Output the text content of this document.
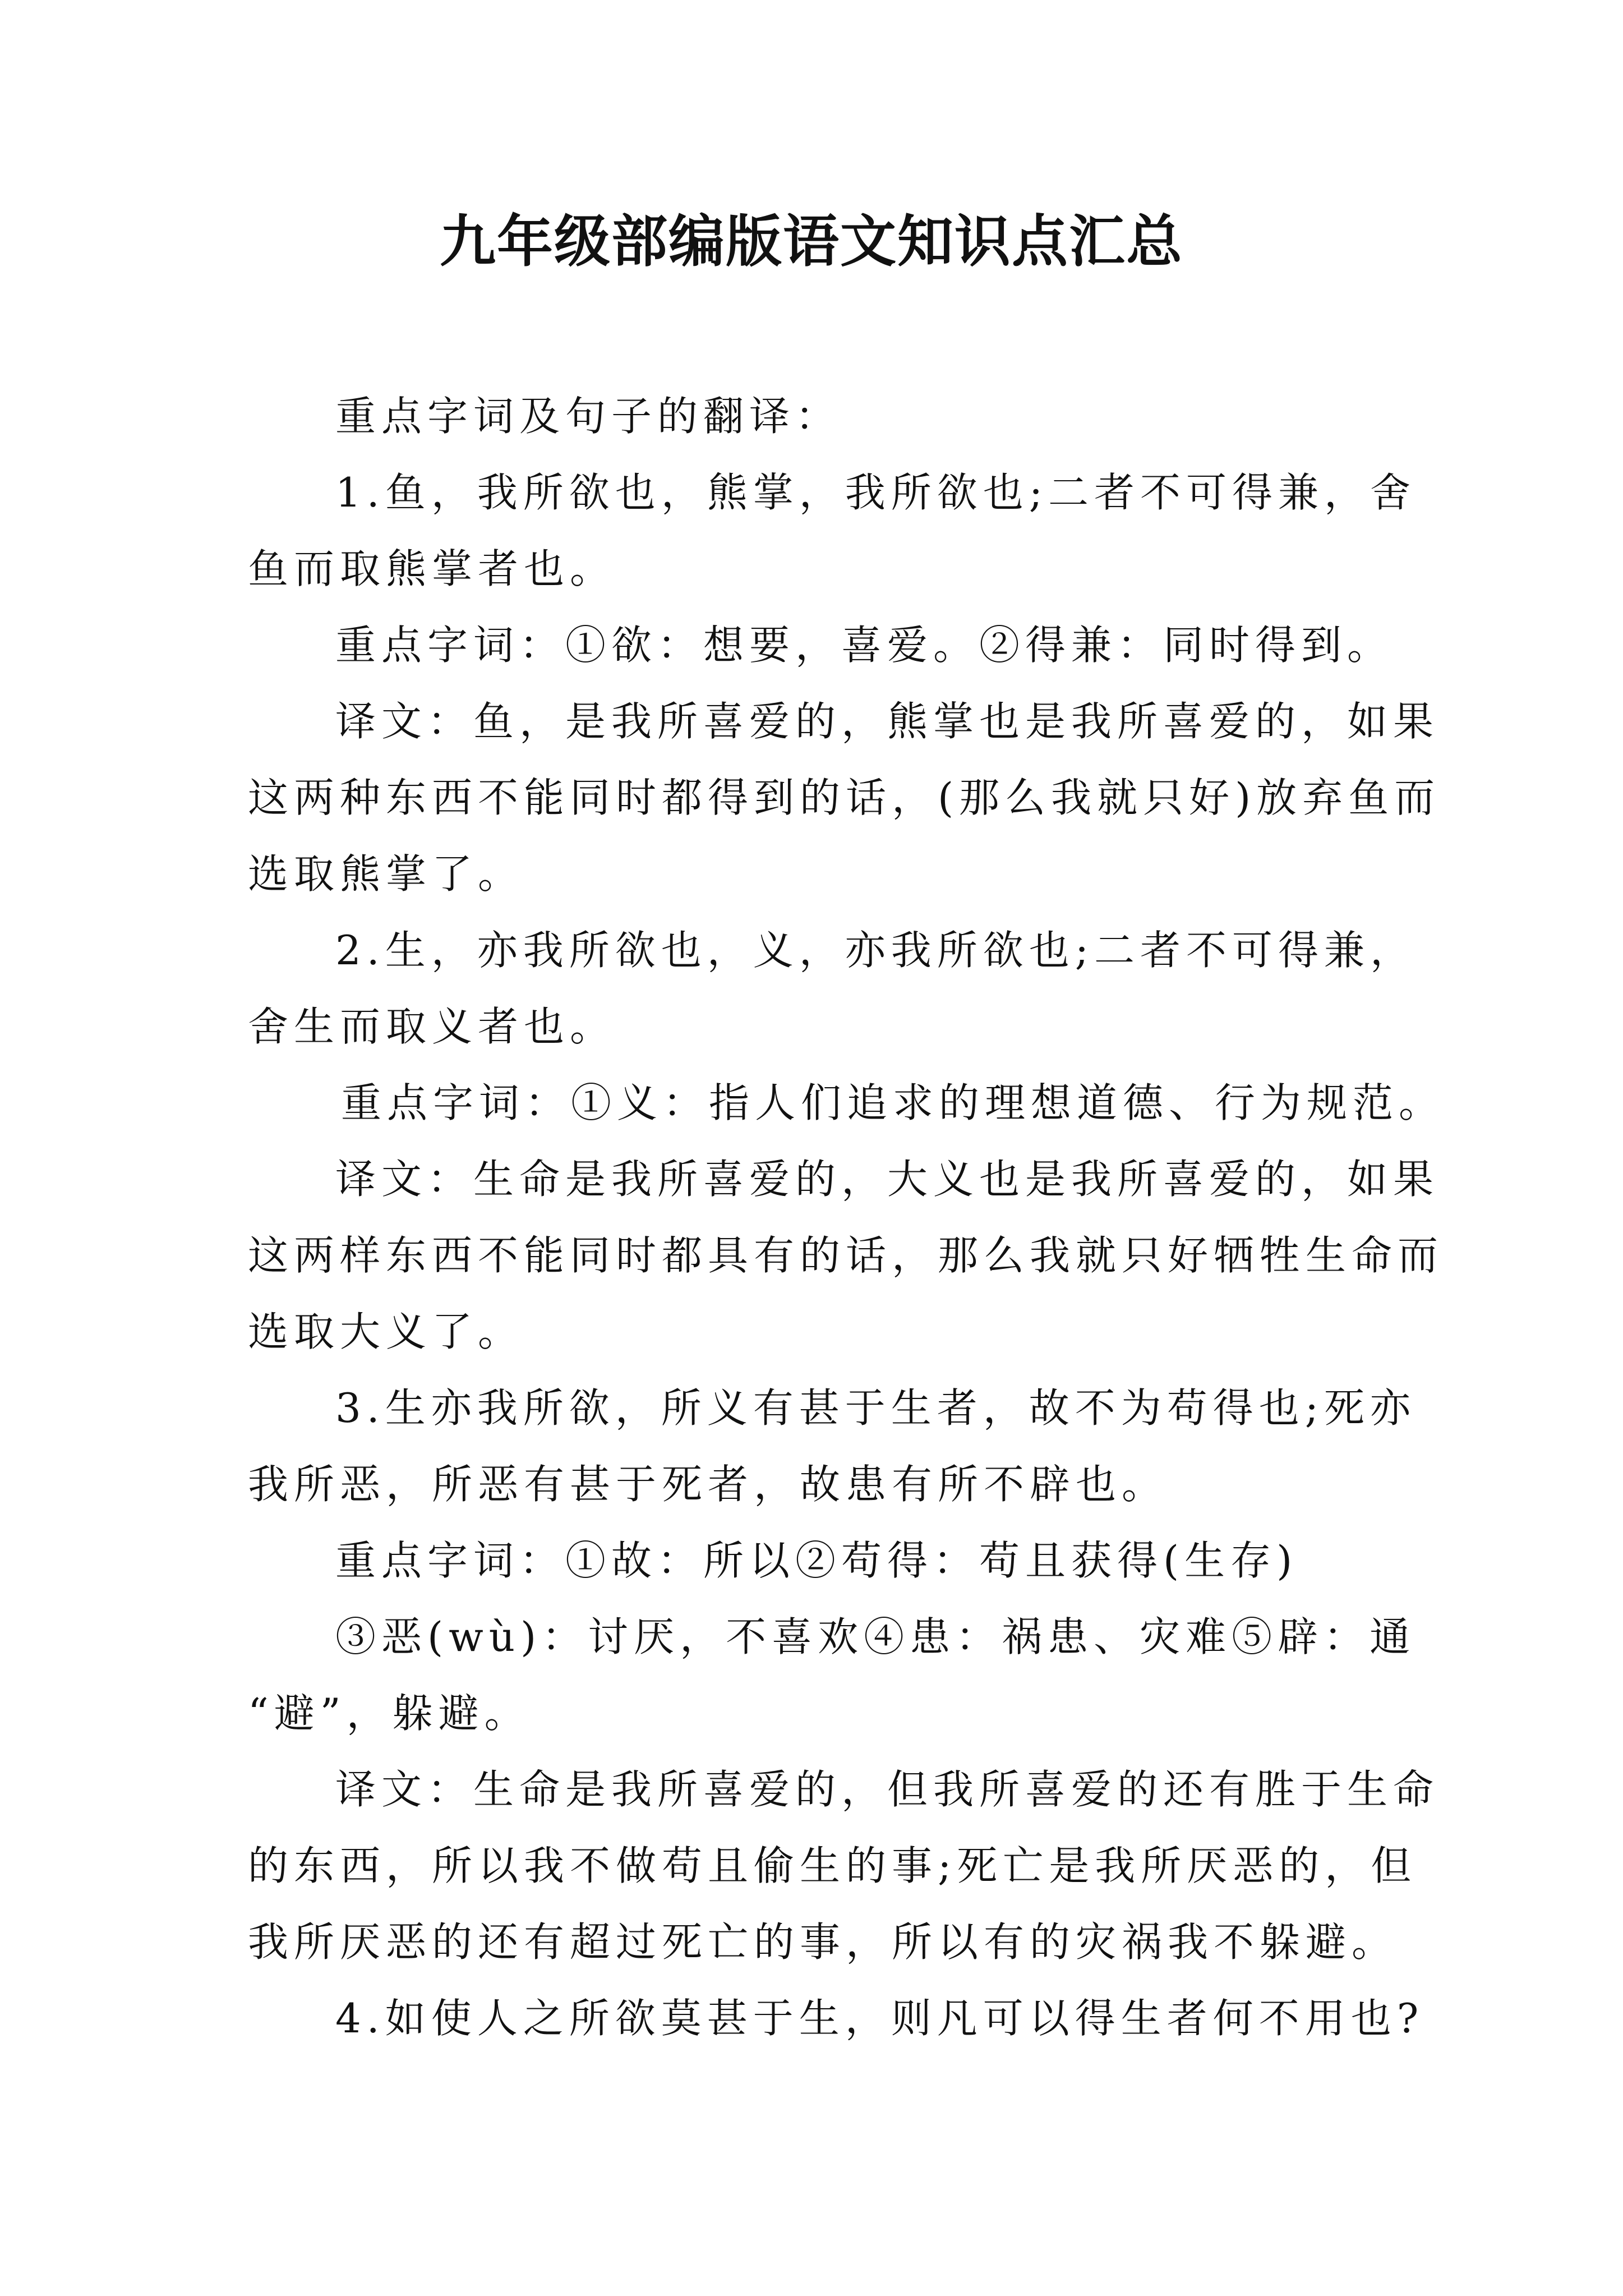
九年级部编版语文知识点汇总
重点字词及句子的翻译：
1.鱼，我所欲也，熊掌，我所欲也;二者不可得兼，舍
鱼而取熊掌者也。
重点字词：①欲：想要，喜爱。②得兼：同时得到。
译文：鱼，是我所喜爱的，熊掌也是我所喜爱的，如果
这两种东西不能同时都得到的话，(那么我就只好)放弃鱼而
选取熊掌了。
2.生，亦我所欲也，义，亦我所欲也;二者不可得兼，
舍生而取义者也。
重点字词：①义：指人们追求的理想道德、行为规范。
译文：生命是我所喜爱的，大义也是我所喜爱的，如果
这两样东西不能同时都具有的话，那么我就只好牺牲生命而
选取大义了。
3.生亦我所欲，所义有甚于生者，故不为苟得也;死亦
我所恶，所恶有甚于死者，故患有所不辟也。
重点字词：①故：所以②苟得：苟且获得(生存)
③恶(wù)：讨厌，不喜欢④患：祸患、灾难⑤辟：通
“避”，躲避。
译文：生命是我所喜爱的，但我所喜爱的还有胜于生命
的东西，所以我不做苟且偷生的事;死亡是我所厌恶的，但
我所厌恶的还有超过死亡的事，所以有的灾祸我不躲避。
4.如使人之所欲莫甚于生，则凡可以得生者何不用也?
